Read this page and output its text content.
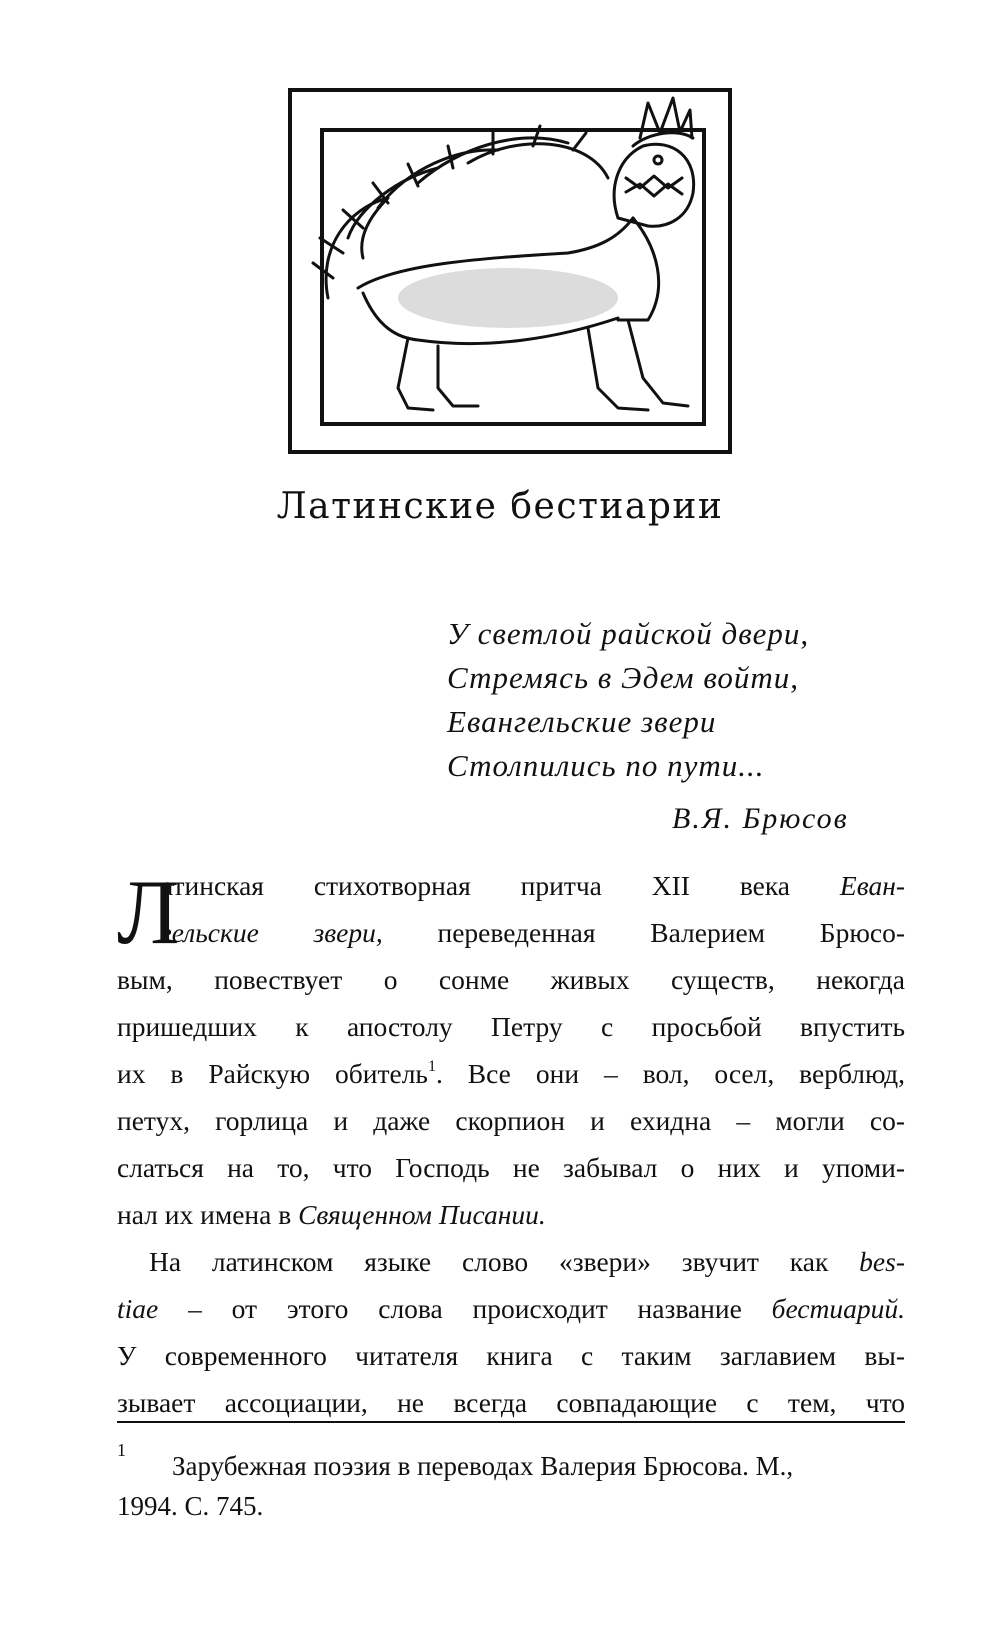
Латинские бестиарии
У светлой райской двери,
Стремясь в Эдем войти,
Евангельские звери
Столпились по пути...
В.Я. Брюсов
Л
атинская стихотворная притча XII века Еван-
гельские звери, переведенная Валерием Брюсо-
вым, повествует о сонме живых существ, некогда
пришедших к апостолу Петру с просьбой впустить
их в Райскую обитель$^1$. Все они – вол, осел, верблюд,
петух, горлица и даже скорпион и ехидна – могли со-
слаться на то, что Господь не забывал о них и упоми-
нал их имена в Священном Писании.
На латинском языке слово «звери» звучит как bes-
tiae – от этого слова происходит название бестиарий.
У современного читателя книга с таким заглавием вы-
зывает ассоциации, не всегда совпадающие с тем, что
1
Зарубежная поэзия в переводах Валерия Брюсова. М.,
1994. С. 745.
